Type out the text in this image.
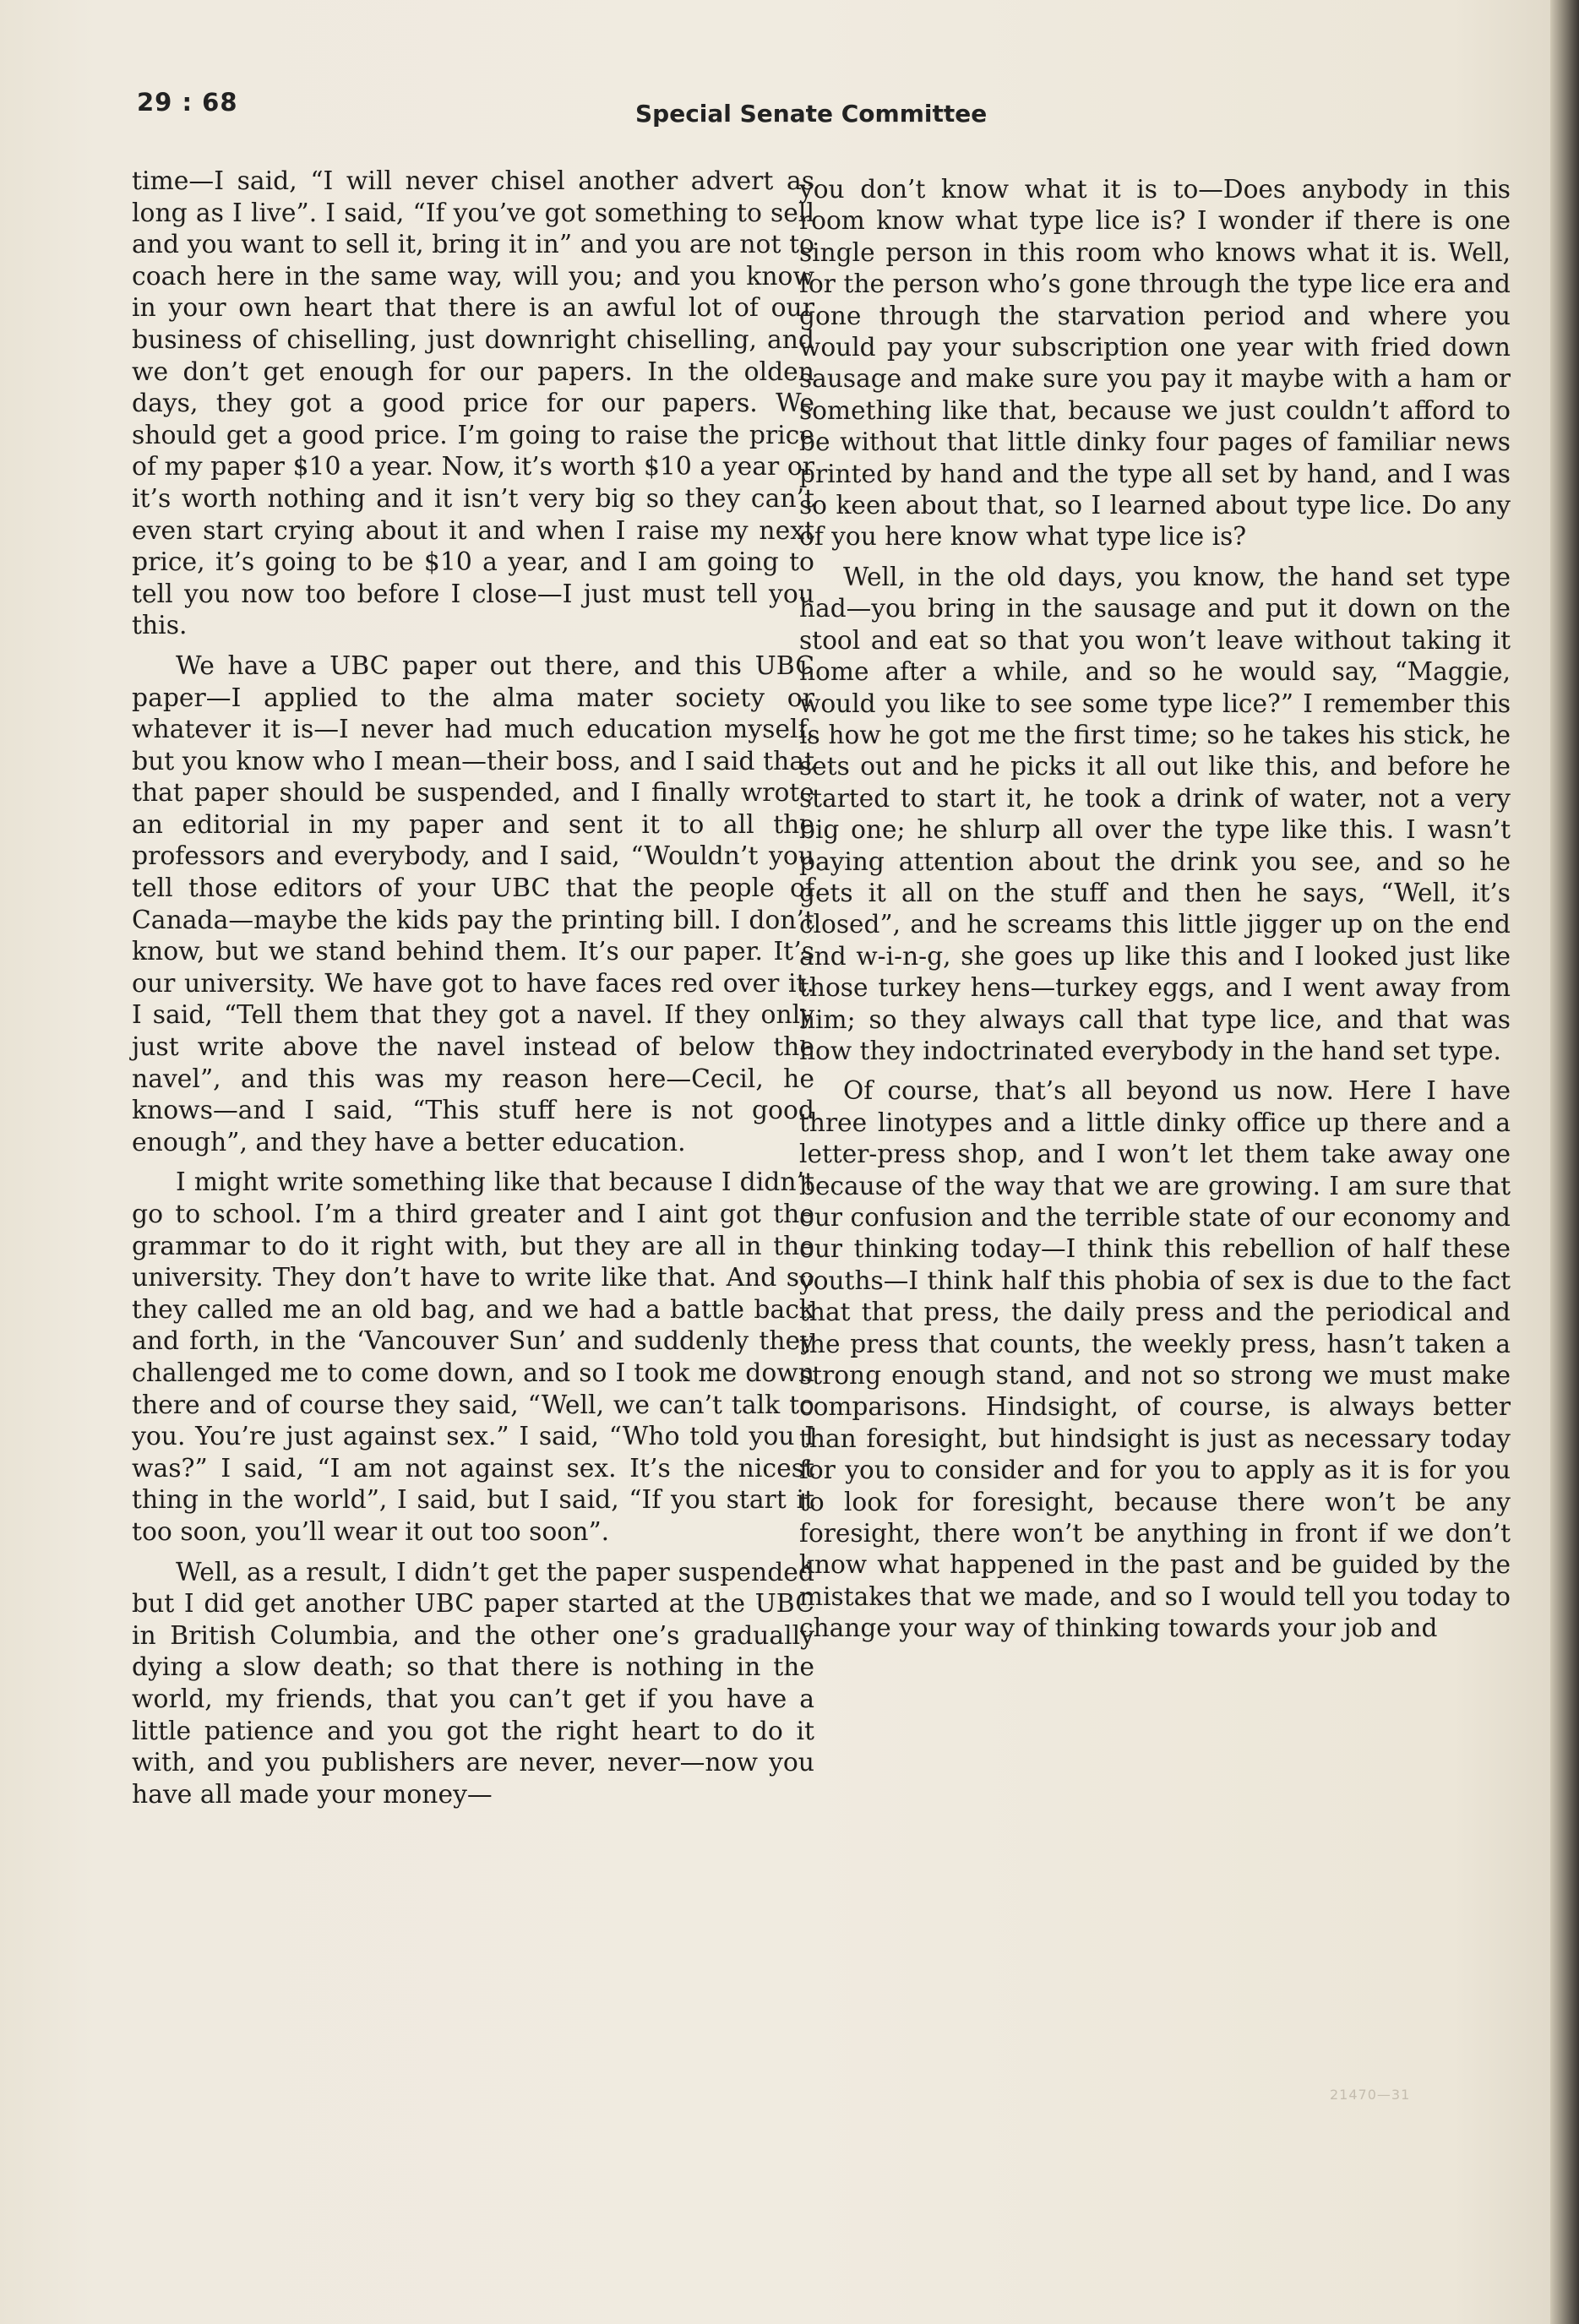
29 : 68	Special Senate Committee

time—I said, “I will never chisel another advert as long as I live”. I said, “If you’ve got something to sell and you want to sell it, bring it in” and you are not to coach here in the same way, will you; and you know in your own heart that there is an awful lot of our business of chiselling, just downright chiselling, and we don’t get enough for our papers. In the olden days, they got a good price for our papers. We should get a good price. I’m going to raise the price of my paper $10 a year. Now, it’s worth $10 a year or it’s worth nothing and it isn’t very big so they can’t even start crying about it and when I raise my next price, it’s going to be $10 a year, and I am going to tell you now too before I close—I just must tell you this.

We have a UBC paper out there, and this UBC paper—I applied to the alma mater society or whatever it is—I never had much education myself, but you know who I mean—their boss, and I said that that paper should be suspended, and I finally wrote an editorial in my paper and sent it to all the professors and everybody, and I said, “Wouldn’t you tell those editors of your UBC that the people of Canada—maybe the kids pay the printing bill. I don’t know, but we stand behind them. It’s our paper. It’s our university. We have got to have faces red over it. I said, “Tell them that they got a navel. If they only just write above the navel instead of below the navel”, and this was my reason here—Cecil, he knows—and I said, “This stuff here is not good enough”, and they have a better education.

I might write something like that because I didn’t go to school. I’m a third greater and I aint got the grammar to do it right with, but they are all in the university. They don’t have to write like that. And so they called me an old bag, and we had a battle back and forth, in the ‘Vancouver Sun’ and suddenly they challenged me to come down, and so I took me down there and of course they said, “Well, we can’t talk to you. You’re just against sex.” I said, “Who told you I was?” I said, “I am not against sex. It’s the nicest thing in the world”, I said, but I said, “If you start it too soon, you’ll wear it out too soon”.

Well, as a result, I didn’t get the paper suspended but I did get another UBC paper started at the UBC in British Columbia, and the other one’s gradually dying a slow death; so that there is nothing in the world, my friends, that you can’t get if you have a little patience and you got the right heart to do it with, and you publishers are never, never—now you have all made your money—

you don’t know what it is to—Does anybody in this room know what type lice is? I wonder if there is one single person in this room who knows what it is. Well, for the person who’s gone through the type lice era and gone through the starvation period and where you would pay your subscription one year with fried down sausage and make sure you pay it maybe with a ham or something like that, because we just couldn’t afford to be without that little dinky four pages of familiar news printed by hand and the type all set by hand, and I was so keen about that, so I learned about type lice. Do any of you here know what type lice is?

Well, in the old days, you know, the hand set type had—you bring in the sausage and put it down on the stool and eat so that you won’t leave without taking it home after a while, and so he would say, “Maggie, would you like to see some type lice?” I remember this is how he got me the first time; so he takes his stick, he sets out and he picks it all out like this, and before he started to start it, he took a drink of water, not a very big one; he shlurp all over the type like this. I wasn’t paying attention about the drink you see, and so he gets it all on the stuff and then he says, “Well, it’s closed”, and he screams this little jigger up on the end and w-i-n-g, she goes up like this and I looked just like those turkey hens—turkey eggs, and I went away from him; so they always call that type lice, and that was how they indoctrinated everybody in the hand set type.

Of course, that’s all beyond us now. Here I have three linotypes and a little dinky office up there and a letter-press shop, and I won’t let them take away one because of the way that we are growing. I am sure that our confusion and the terrible state of our economy and our thinking today—I think this rebellion of half these youths—I think half this phobia of sex is due to the fact that that press, the daily press and the periodical and the press that counts, the weekly press, hasn’t taken a strong enough stand, and not so strong we must make comparisons. Hindsight, of course, is always better than foresight, but hindsight is just as necessary today for you to consider and for you to apply as it is for you to look for foresight, because there won’t be any foresight, there won’t be anything in front if we don’t know what happened in the past and be guided by the mistakes that we made, and so I would tell you today to change your way of thinking towards your job and

21470—31
